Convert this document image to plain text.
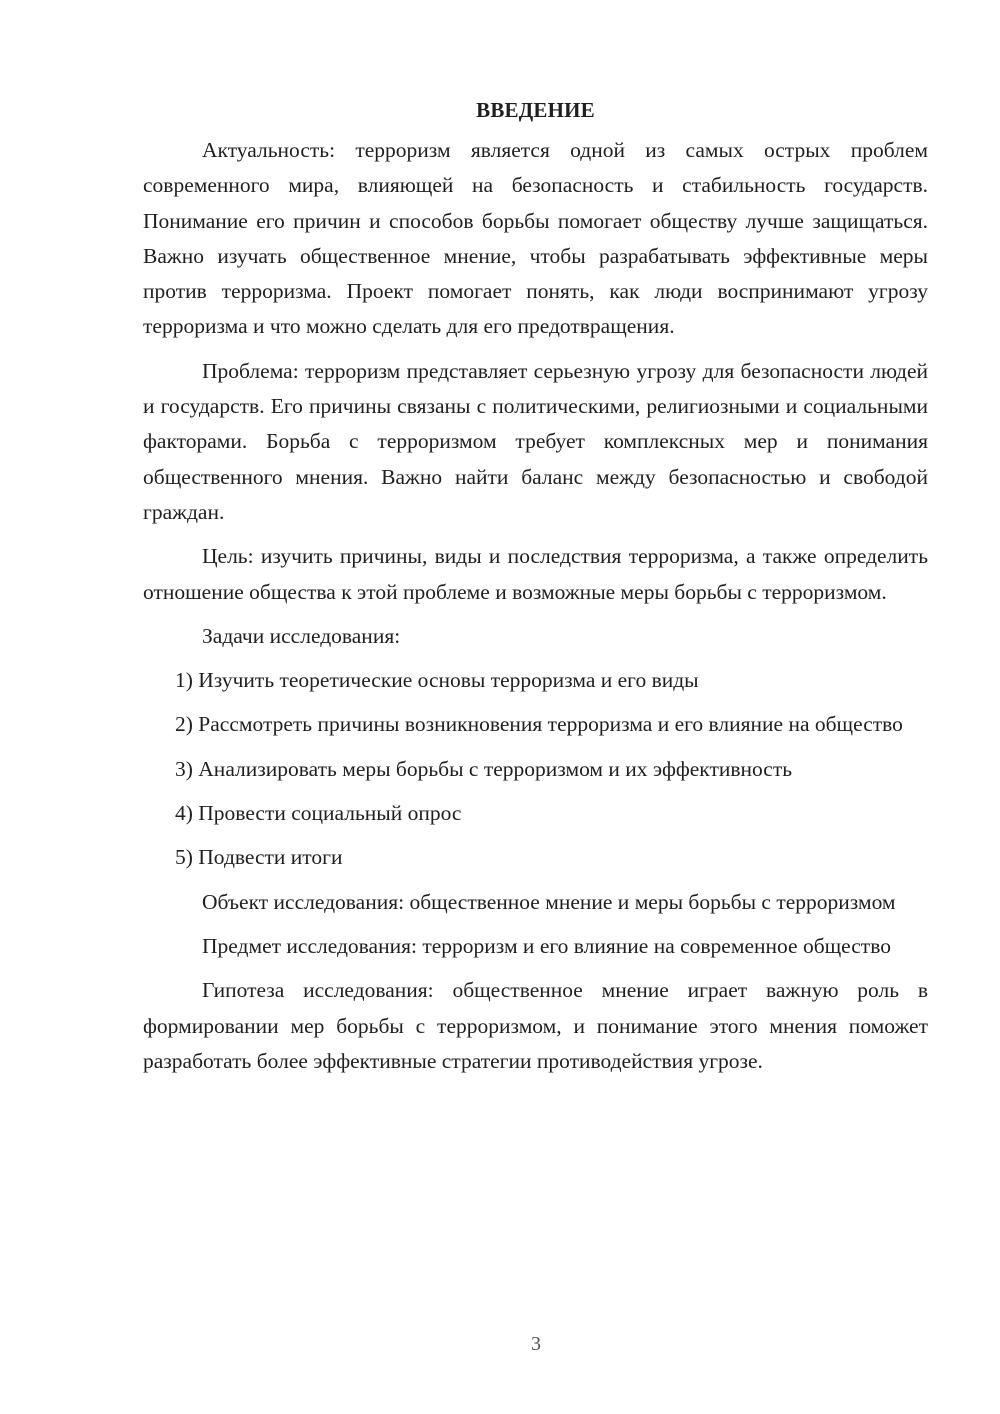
ВВЕДЕНИЕ

Актуальность: терроризм является одной из самых острых проблем современного мира, влияющей на безопасность и стабильность государств. Понимание его причин и способов борьбы помогает обществу лучше защищаться. Важно изучать общественное мнение, чтобы разрабатывать эффективные меры против терроризма. Проект помогает понять, как люди воспринимают угрозу терроризма и что можно сделать для его предотвращения.

Проблема: терроризм представляет серьезную угрозу для безопасности людей и государств. Его причины связаны с политическими, религиозными и социальными факторами. Борьба с терроризмом требует комплексных мер и понимания общественного мнения. Важно найти баланс между безопасностью и свободой граждан.

Цель: изучить причины, виды и последствия терроризма, а также определить отношение общества к этой проблеме и возможные меры борьбы с терроризмом.

Задачи исследования:

1) Изучить теоретические основы терроризма и его виды

2) Рассмотреть причины возникновения терроризма и его влияние на общество

3) Анализировать меры борьбы с терроризмом и их эффективность

4) Провести социальный опрос

5) Подвести итоги

Объект исследования: общественное мнение и меры борьбы с терроризмом

Предмет исследования: терроризм и его влияние на современное общество

Гипотеза исследования: общественное мнение играет важную роль в формировании мер борьбы с терроризмом, и понимание этого мнения поможет разработать более эффективные стратегии противодействия угрозе.

3
